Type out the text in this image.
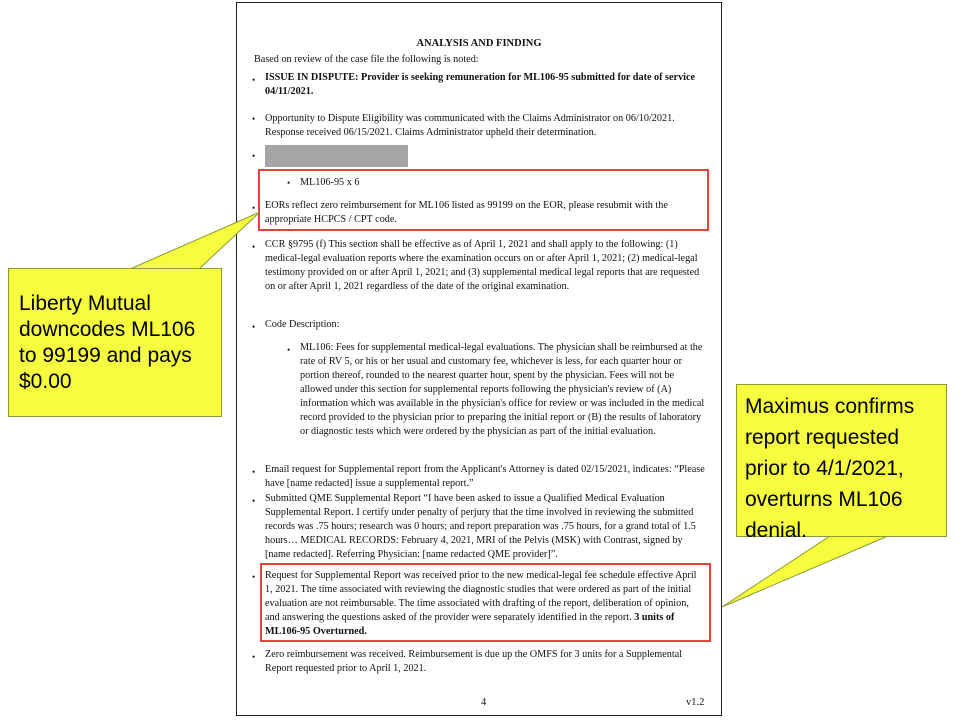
ANALYSIS AND FINDING
Based on review of the case file the following is noted:
• ISSUE IN DISPUTE: Provider is seeking remuneration for ML106-95 submitted for date of service 04/11/2021.
• Opportunity to Dispute Eligibility was communicated with the Claims Administrator on 06/10/2021. Response received 06/15/2021. Claims Administrator upheld their determination.
•
• ML106-95 x 6
• EORs reflect zero reimbursement for ML106 listed as 99199 on the EOR, please resubmit with the appropriate HCPCS / CPT code.
• CCR §9795 (f) This section shall be effective as of April 1, 2021 and shall apply to the following: (1) medical-legal evaluation reports where the examination occurs on or after April 1, 2021; (2) medical-legal testimony provided on or after April 1, 2021; and (3) supplemental medical legal reports that are requested on or after April 1, 2021 regardless of the date of the original examination.
• Code Description:
• ML106: Fees for supplemental medical-legal evaluations. The physician shall be reimbursed at the rate of RV 5, or his or her usual and customary fee, whichever is less, for each quarter hour or portion thereof, rounded to the nearest quarter hour, spent by the physician. Fees will not be allowed under this section for supplemental reports following the physician's review of (A) information which was available in the physician's office for review or was included in the medical record provided to the physician prior to preparing the initial report or (B) the results of laboratory or diagnostic tests which were ordered by the physician as part of the initial evaluation.
• Email request for Supplemental report from the Applicant's Attorney is dated 02/15/2021, indicates: “Please have [name redacted] issue a supplemental report.”
• Submitted QME Supplemental Report “I have been asked to issue a Qualified Medical Evaluation Supplemental Report. I certify under penalty of perjury that the time involved in reviewing the submitted records was .75 hours; research was 0 hours; and report preparation was .75 hours, for a grand total of 1.5 hours… MEDICAL RECORDS: February 4, 2021, MRI of the Pelvis (MSK) with Contrast, signed by [name redacted]. Referring Physician: [name redacted QME provider]”.
• Request for Supplemental Report was received prior to the new medical-legal fee schedule effective April 1, 2021. The time associated with reviewing the diagnostic studies that were ordered as part of the initial evaluation are not reimbursable. The time associated with drafting of the report, deliberation of opinion, and answering the questions asked of the provider were separately identified in the report. 3 units of ML106-95 Overturned.
• Zero reimbursement was received. Reimbursement is due up the OMFS for 3 units for a Supplemental Report requested prior to April 1, 2021.
4	v1.2
Liberty Mutual downcodes ML106 to 99199 and pays $0.00
Maximus confirms report requested prior to 4/1/2021, overturns ML106 denial.
